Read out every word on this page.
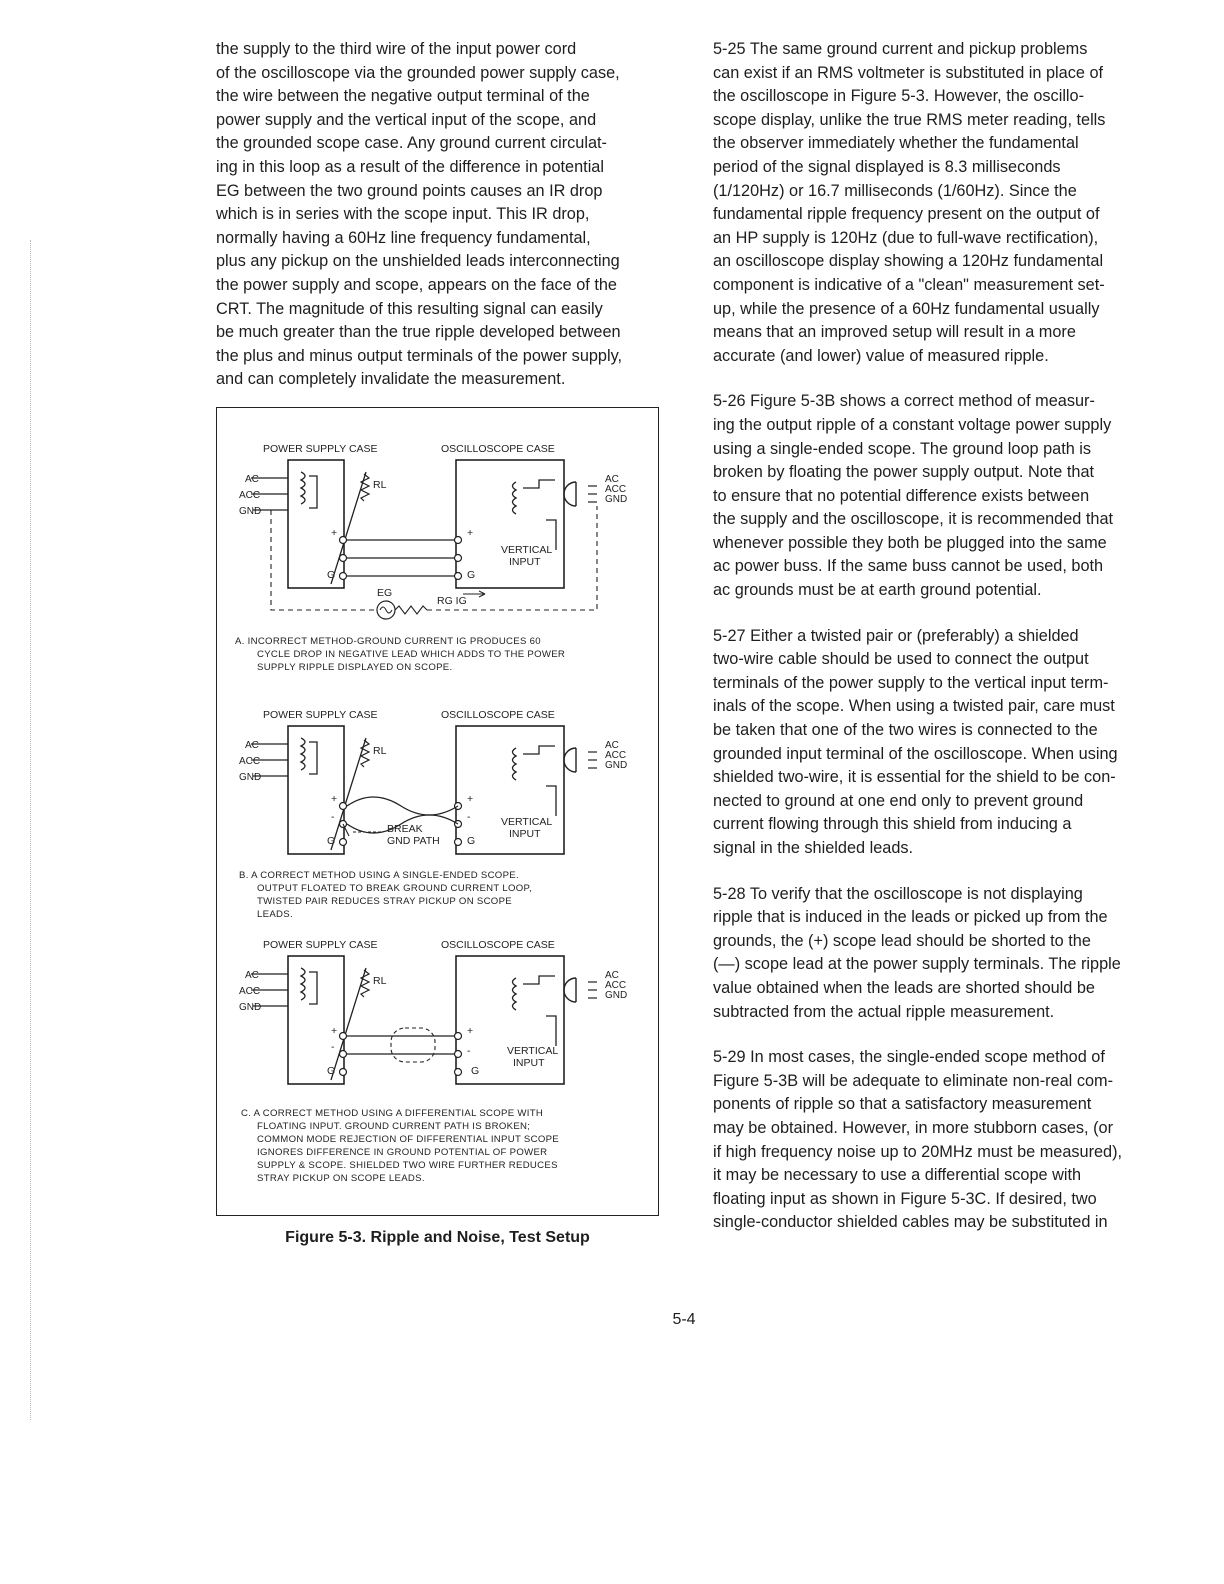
the supply to the third wire of the input power cord
of the oscilloscope via the grounded power supply case,
the wire between the negative output terminal of the
power supply and the vertical input of the scope, and
the grounded scope case. Any ground current circulat-
ing in this loop as a result of the difference in potential
EG between the two ground points causes an IR drop
which is in series with the scope input. This IR drop,
normally having a 60Hz line frequency fundamental,
plus any pickup on the unshielded leads interconnecting
the power supply and scope, appears on the face of the
CRT. The magnitude of this resulting signal can easily
be much greater than the true ripple developed between
the plus and minus output terminals of the power supply,
and can completely invalidate the measurement.
POWER SUPPLY CASE	OSCILLOSCOPE CASE
AC
ACC
GND
AC
ACC
GND
RL
+
G
+
G
VERTICAL
INPUT
EG
RG IG
A. INCORRECT METHOD-GROUND CURRENT IG PRODUCES 60
CYCLE DROP IN NEGATIVE LEAD WHICH ADDS TO THE POWER
SUPPLY RIPPLE DISPLAYED ON SCOPE.
POWER SUPPLY CASE	OSCILLOSCOPE CASE
AC
ACC
GND
AC
ACC
GND
RL
+
-
G
+
-
G
VERTICAL
INPUT
BREAK
GND PATH
B. A CORRECT METHOD USING A SINGLE-ENDED SCOPE.
OUTPUT FLOATED TO BREAK GROUND CURRENT LOOP,
TWISTED PAIR REDUCES STRAY PICKUP ON SCOPE
LEADS.
POWER SUPPLY CASE	OSCILLOSCOPE CASE
AC
ACC
GND
AC
ACC
GND
RL
+
-
G
+
-
G
VERTICAL
INPUT
C. A CORRECT METHOD USING A DIFFERENTIAL SCOPE WITH
FLOATING INPUT. GROUND CURRENT PATH IS BROKEN;
COMMON MODE REJECTION OF DIFFERENTIAL INPUT SCOPE
IGNORES DIFFERENCE IN GROUND POTENTIAL OF POWER
SUPPLY & SCOPE. SHIELDED TWO WIRE FURTHER REDUCES
STRAY PICKUP ON SCOPE LEADS.
Figure 5-3. Ripple and Noise, Test Setup
5-25 The same ground current and pickup problems
can exist if an RMS voltmeter is substituted in place of
the oscilloscope in Figure 5-3. However, the oscillo-
scope display, unlike the true RMS meter reading, tells
the observer immediately whether the fundamental
period of the signal displayed is 8.3 milliseconds
(1/120Hz) or 16.7 milliseconds (1/60Hz). Since the
fundamental ripple frequency present on the output of
an HP supply is 120Hz (due to full-wave rectification),
an oscilloscope display showing a 120Hz fundamental
component is indicative of a "clean" measurement set-
up, while the presence of a 60Hz fundamental usually
means that an improved setup will result in a more
accurate (and lower) value of measured ripple.
5-26 Figure 5-3B shows a correct method of measur-
ing the output ripple of a constant voltage power supply
using a single-ended scope. The ground loop path is
broken by floating the power supply output. Note that
to ensure that no potential difference exists between
the supply and the oscilloscope, it is recommended that
whenever possible they both be plugged into the same
ac power buss. If the same buss cannot be used, both
ac grounds must be at earth ground potential.
5-27 Either a twisted pair or (preferably) a shielded
two-wire cable should be used to connect the output
terminals of the power supply to the vertical input term-
inals of the scope. When using a twisted pair, care must
be taken that one of the two wires is connected to the
grounded input terminal of the oscilloscope. When using
shielded two-wire, it is essential for the shield to be con-
nected to ground at one end only to prevent ground
current flowing through this shield from inducing a
signal in the shielded leads.
5-28 To verify that the oscilloscope is not displaying
ripple that is induced in the leads or picked up from the
grounds, the (+) scope lead should be shorted to the
(—) scope lead at the power supply terminals. The ripple
value obtained when the leads are shorted should be
subtracted from the actual ripple measurement.
5-29 In most cases, the single-ended scope method of
Figure 5-3B will be adequate to eliminate non-real com-
ponents of ripple so that a satisfactory measurement
may be obtained. However, in more stubborn cases, (or
if high frequency noise up to 20MHz must be measured),
it may be necessary to use a differential scope with
floating input as shown in Figure 5-3C. If desired, two
single-conductor shielded cables may be substituted in
5-4
